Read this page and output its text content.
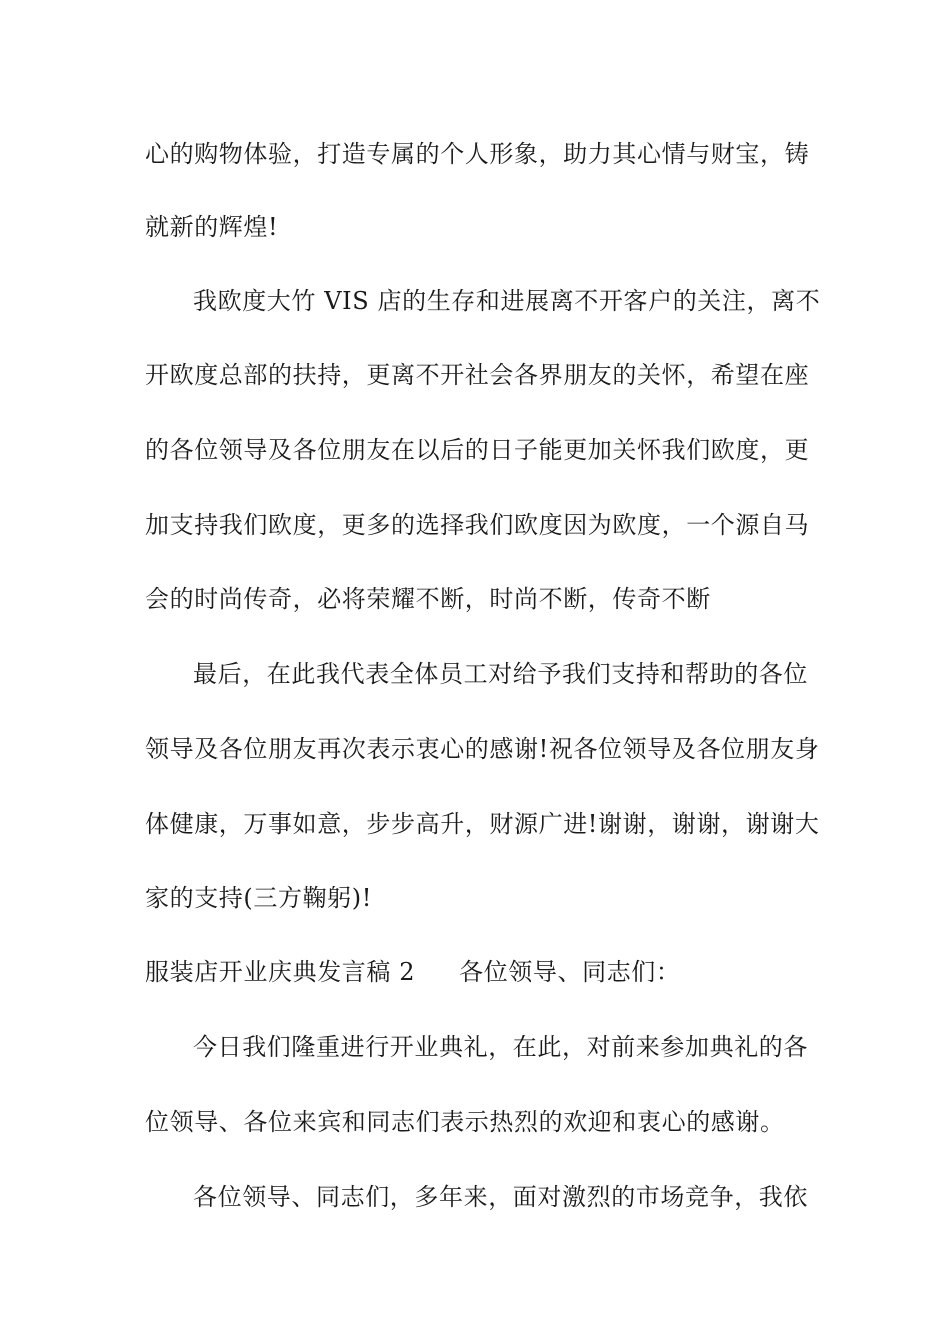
心的购物体验，打造专属的个人形象，助力其心情与财宝，铸
就新的辉煌!
我欧度大竹 VIS 店的生存和进展离不开客户的关注，离不
开欧度总部的扶持，更离不开社会各界朋友的关怀，希望在座
的各位领导及各位朋友在以后的日子能更加关怀我们欧度，更
加支持我们欧度，更多的选择我们欧度因为欧度，一个源自马
会的时尚传奇，必将荣耀不断，时尚不断，传奇不断
最后，在此我代表全体员工对给予我们支持和帮助的各位
领导及各位朋友再次表示衷心的感谢!祝各位领导及各位朋友身
体健康，万事如意，步步高升，财源广进!谢谢，谢谢，谢谢大
家的支持(三方鞠躬)!
服装店开业庆典发言稿 2 各位领导、同志们：
今日我们隆重进行开业典礼，在此，对前来参加典礼的各
位领导、各位来宾和同志们表示热烈的欢迎和衷心的感谢。
各位领导、同志们，多年来，面对激烈的市场竞争，我依
